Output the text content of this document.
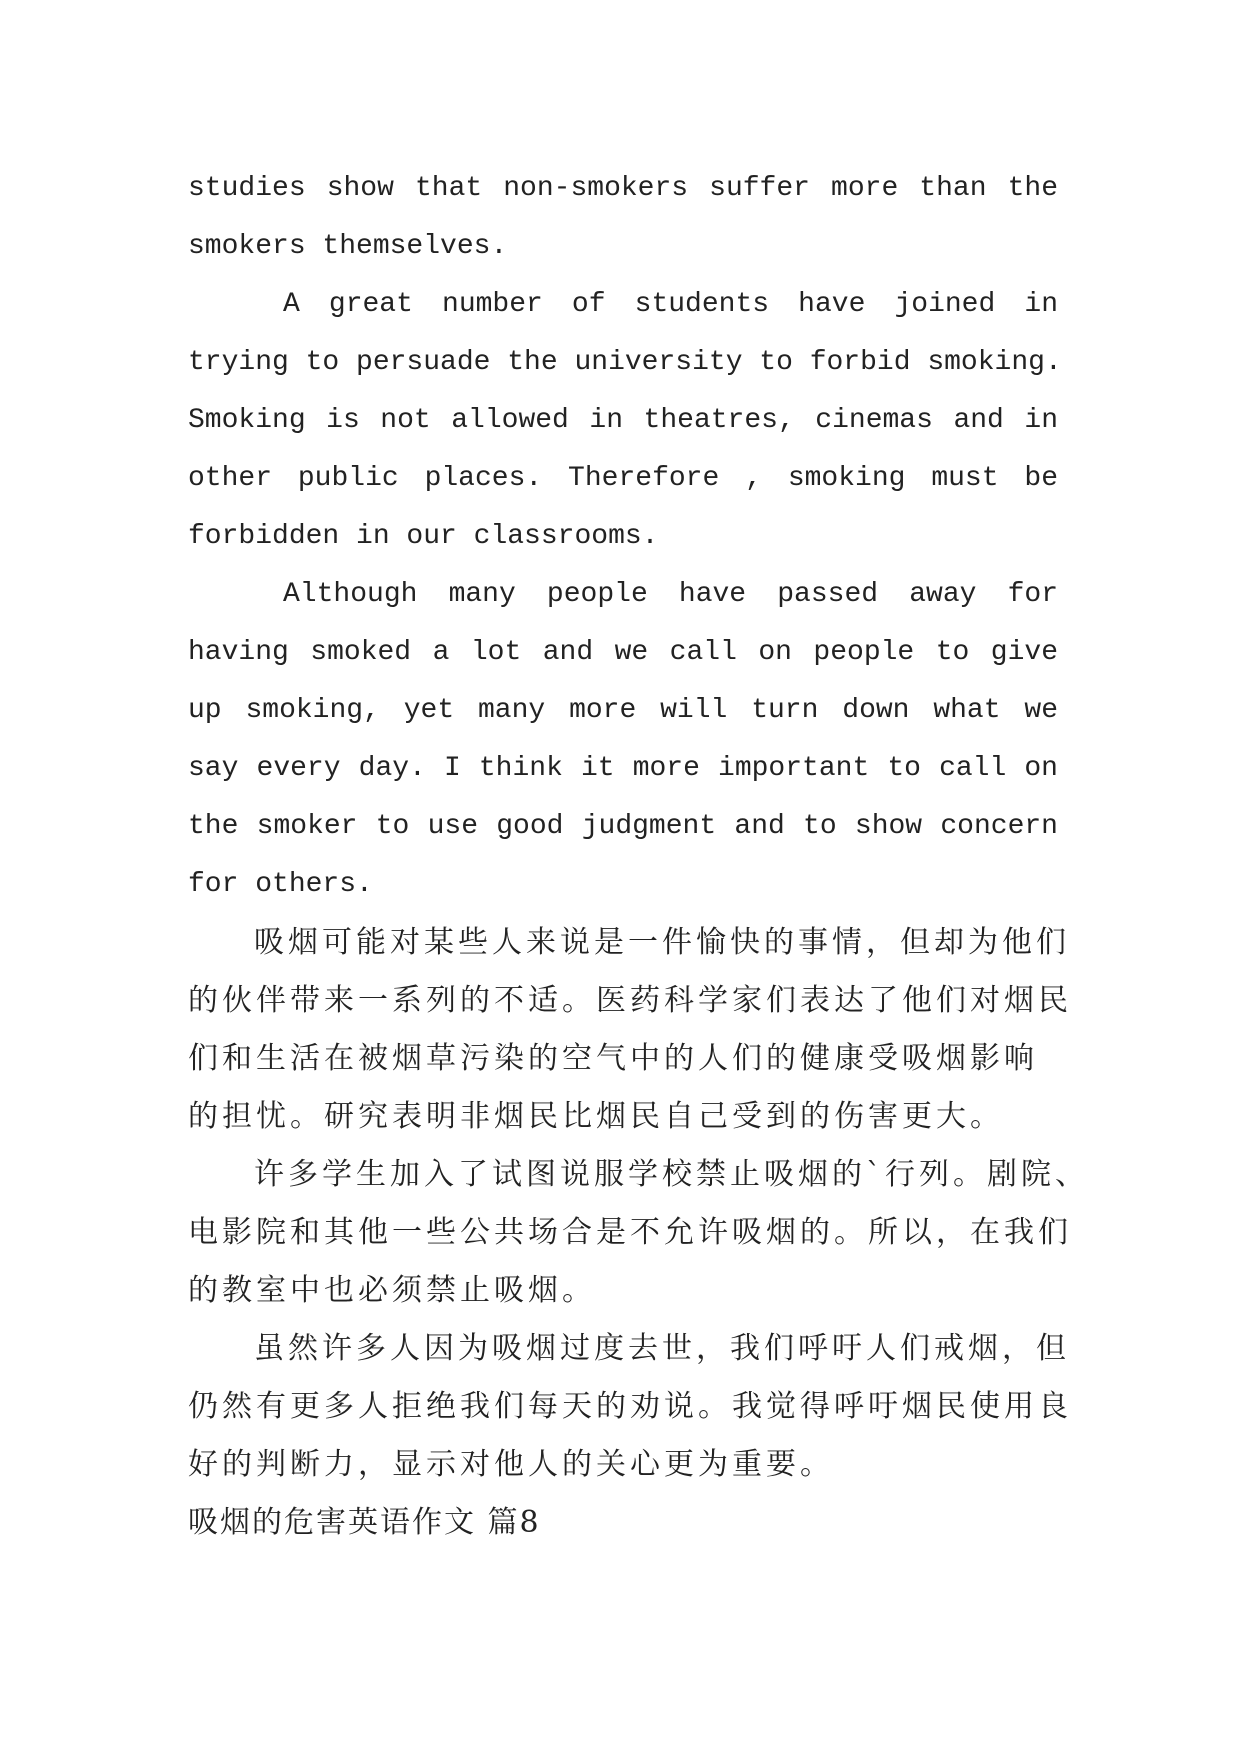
studies show that non-smokers suffer more than the
smokers themselves.
A great number of students have joined in
trying to persuade the university to forbid smoking.
Smoking is not allowed in theatres, cinemas and in
other public places. Therefore , smoking must be
forbidden in our classrooms.
Although many people have passed away for
having smoked a lot and we call on people to give
up smoking, yet many more will turn down what we
say every day. I think it more important to call on
the smoker to use good judgment and to show concern
for others.
吸烟可能对某些人来说是一件愉快的事情，但却为他们
的伙伴带来一系列的不适。医药科学家们表达了他们对烟民
们和生活在被烟草污染的空气中的人们的健康受吸烟影响
的担忧。研究表明非烟民比烟民自己受到的伤害更大。
许多学生加入了试图说服学校禁止吸烟的`行列。剧院、
电影院和其他一些公共场合是不允许吸烟的。所以，在我们
的教室中也必须禁止吸烟。
虽然许多人因为吸烟过度去世，我们呼吁人们戒烟，但
仍然有更多人拒绝我们每天的劝说。我觉得呼吁烟民使用良
好的判断力，显示对他人的关心更为重要。
吸烟的危害英语作文 篇8
